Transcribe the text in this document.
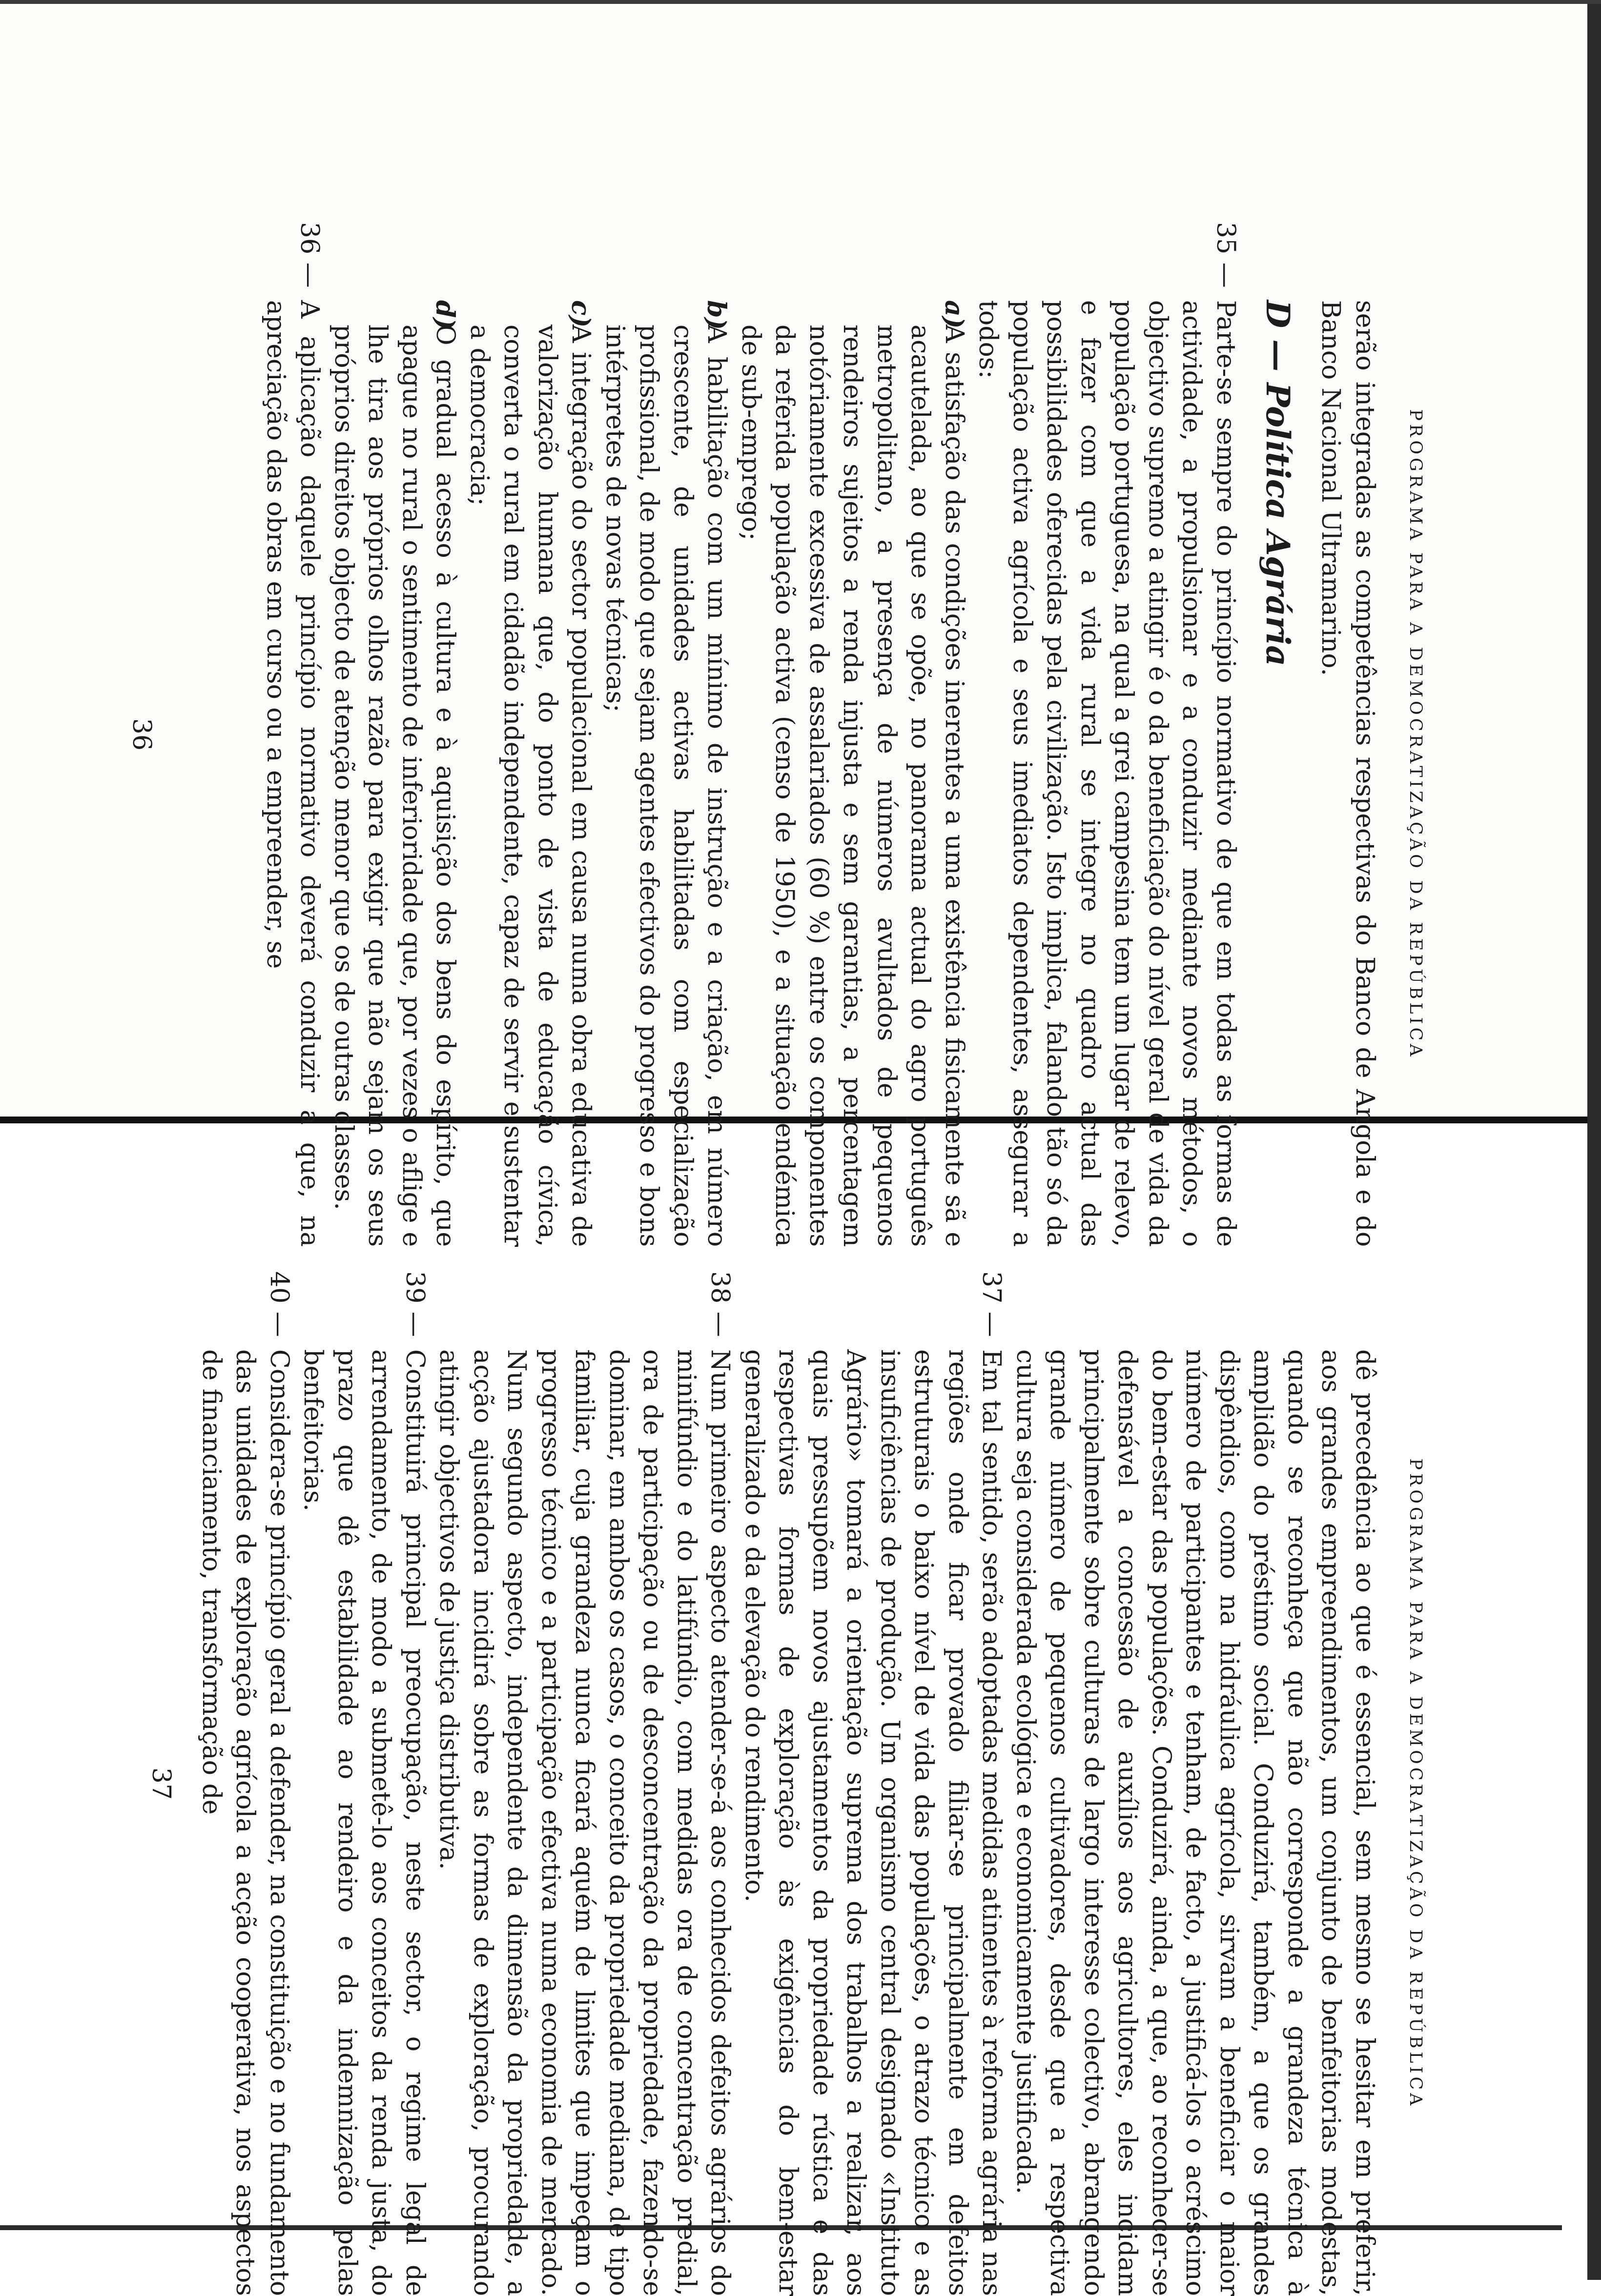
PROGRAMA PARA A DEMOCRATIZAÇÃO DA REPÚBLICA

serão integradas as competências respectivas do Banco de Angola e do Banco Nacional Ultramarino.

D — Política Agrária
35 —
Parte-se sempre do princípio normativo de que em todas as formas de actividade, a propulsionar e a conduzir mediante novos métodos, o objectivo supremo a atingir é o da beneficiação do nível geral de vida da população portuguesa, na qual a grei campesina tem um lugar de relevo, e fazer com que a vida rural se integre no quadro actual das possibilidades oferecidas pela civilização. Isto implica, falando tão só da população activa agrícola e seus imediatos dependentes, assegurar a todos:
a)
A satisfação das condições inerentes a uma existência fisicamente sã e acautelada, ao que se opõe, no panorama actual do agro português metropolitano, a presença de números avultados de pequenos rendeiros sujeitos a renda injusta e sem garantias, a percentagem notóriamente excessiva de assalariados (60 %) entre os componentes da referida população activa (censo de 1950), e a situação endémica de sub-emprego;
b)
A habilitação com um mínimo de instrução e a criação, em número crescente, de unidades activas habilitadas com especialização profissional, de modo que sejam agentes efectivos do progresso e bons intérpretes de novas técnicas;
c)
A integração do sector populacional em causa numa obra educativa de valorização humana que, do ponto de vista de educação cívica, converta o rural em cidadão independente, capaz de servir e sustentar a democracia;
d)
O gradual acesso à cultura e à aquisição dos bens do espírito, que apague no rural o sentimento de inferioridade que, por vezes o aflige e lhe tira aos próprios olhos razão para exigir que não sejam os seus próprios direitos objecto de atenção menor que os de outras classes.
36 —
A aplicação daquele princípio normativo deverá conduzir a que, na apreciação das obras em curso ou a empreender, se
36
PROGRAMA PARA A DEMOCRATIZAÇÃO DA REPÚBLICA

dê precedência ao que é essencial, sem mesmo se hesitar em preferir, aos grandes empreendimentos, um conjunto de benfeitorias modestas, quando se reconheça que não corresponde a grandeza técnica à amplidão do préstimo social. Conduzirá, também, a que os grandes dispêndios, como na hidráulica agrícola, sirvam a beneficiar o maior número de participantes e tenham, de facto, a justificá-los o acréscimo do bem-estar das populações. Conduzirá, ainda, a que, ao reconhecer-se defensável a concessão de auxílios aos agricultores, eles incidam principalmente sobre culturas de largo interesse colectivo, abrangendo grande número de pequenos cultivadores, desde que a respectiva cultura seja considerada ecológica e economicamente justificada.

37 —
Em tal sentido, serão adoptadas medidas atinentes à reforma agrária nas regiões onde ficar provado filiar-se principalmente em defeitos estruturais o baixo nível de vida das populações, o atrazo técnico e as insuficiências de produção. Um organismo central designado «Instituto Agrário» tomará a orientação suprema dos trabalhos a realizar, aos quais pressupõem novos ajustamentos da propriedade rústica e das respectivas formas de exploração às exigências do bem-estar generalizado e da elevação do rendimento.
38 —
Num primeiro aspecto atender-se-á aos conhecidos defeitos agrários do minifúndio e do latifúndio, com medidas ora de concentração predial, ora de participação ou de desconcentração da propriedade, fazendo-se dominar, em ambos os casos, o conceito da propriedade mediana, de tipo familiar, cuja grandeza nunca ficará aquém de limites que impeçam o progresso técnico e a participação efectiva numa economia de mercado. Num segundo aspecto, independente da dimensão da propriedade, a acção ajustadora incidirá sobre as formas de exploração, procurando atingir objectivos de justiça distributiva.
39 —
Constituirá principal preocupação, neste sector, o regime legal de arrendamento, de modo a submetê-lo aos conceitos da renda justa, do prazo que dê estabilidade ao rendeiro e da indemnização pelas benfeitorias.
40 —
Considera-se princípio geral a defender, na constituição e no fundamento das unidades de exploração agrícola a acção cooperativa, nos aspectos de financiamento, transformação de
37
